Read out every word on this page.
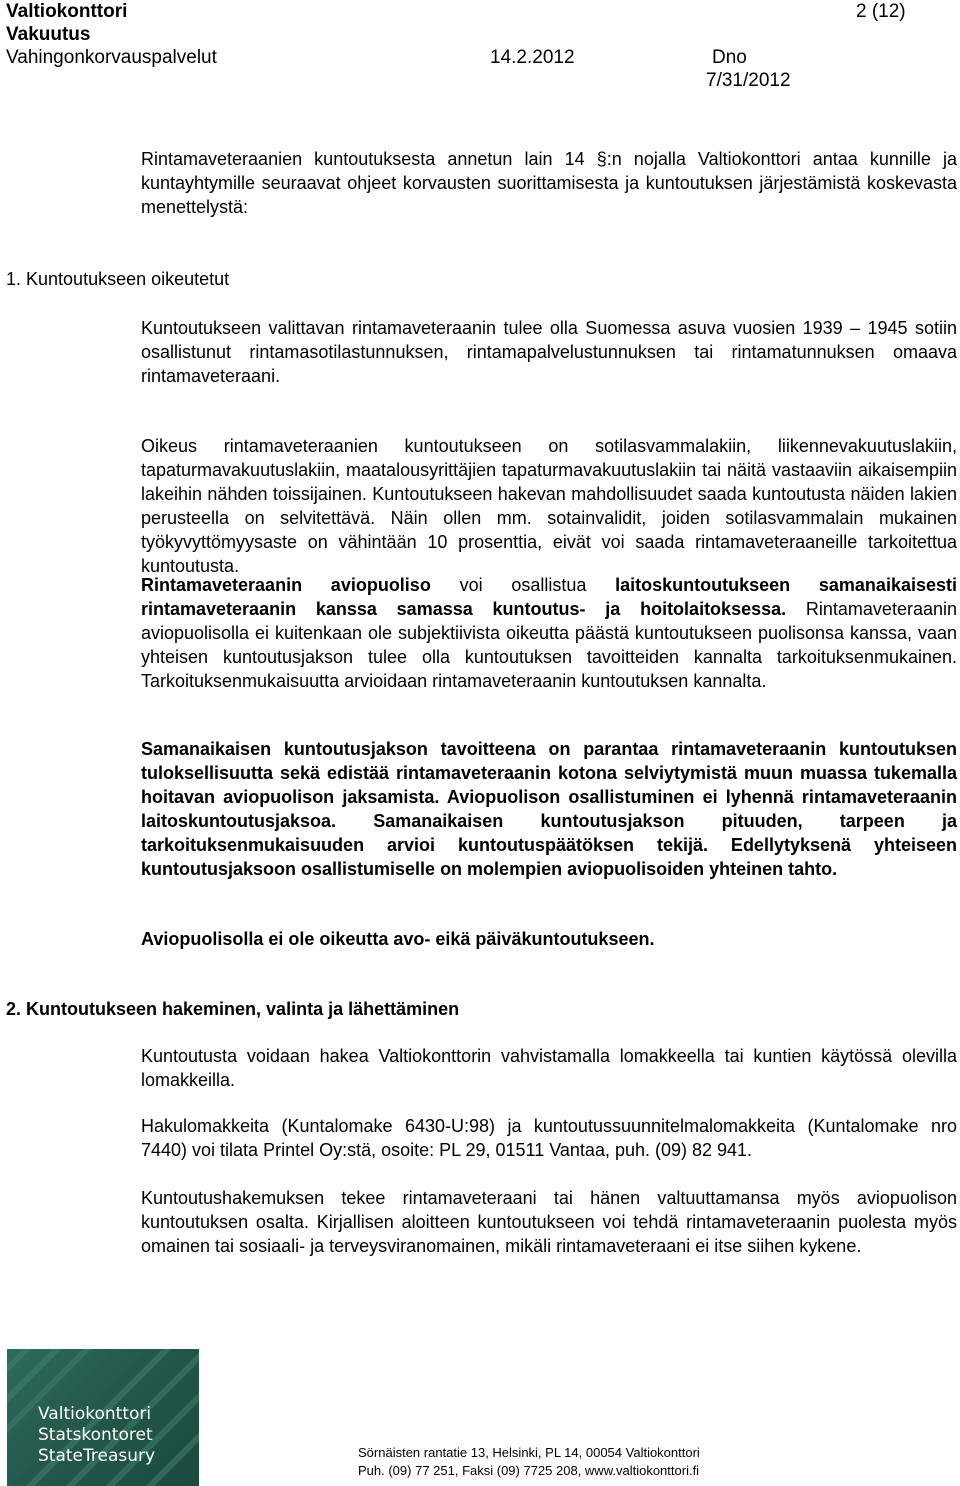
Valtiokonttori	2 (12)
Vakuutus
Vahingonkorvauspalvelut	14.2.2012	Dno
7/31/2012

Rintamaveteraanien kuntoutuksesta annetun lain 14 §:n nojalla Valtiokonttori antaa kunnille ja kuntayhtymille seuraavat ohjeet korvausten suorittamisesta ja kuntoutuksen järjestämistä koskevasta menettelystä:

1. Kuntoutukseen oikeutetut

Kuntoutukseen valittavan rintamaveteraanin tulee olla Suomessa asuva vuosien 1939 – 1945 sotiin osallistunut rintamasotilastunnuksen, rintamapalvelustunnuksen tai rintamatunnuksen omaava rintamaveteraani.

Oikeus rintamaveteraanien kuntoutukseen on sotilasvammalakiin, liikennevakuutuslakiin, tapaturmavakuutuslakiin, maatalousyrittäjien tapaturmavakuutuslakiin tai näitä vastaaviin aikaisempiin lakeihin nähden toissijainen. Kuntoutukseen hakevan mahdollisuudet saada kuntoutusta näiden lakien perusteella on selvitettävä. Näin ollen mm. sotainvalidit, joiden sotilasvammalain mukainen työkyvyttömyysaste on vähintään 10 prosenttia, eivät voi saada rintamaveteraaneille tarkoitettua kuntoutusta.

Rintamaveteraanin aviopuoliso voi osallistua laitoskuntoutukseen samanaikaisesti rintamaveteraanin kanssa samassa kuntoutus- ja hoitolaitoksessa. Rintamaveteraanin aviopuolisolla ei kuitenkaan ole subjektiivista oikeutta päästä kuntoutukseen puolisonsa kanssa, vaan yhteisen kuntoutusjakson tulee olla kuntoutuksen tavoitteiden kannalta tarkoituksenmukainen. Tarkoituksenmukaisuutta arvioidaan rintamaveteraanin kuntoutuksen kannalta.

Samanaikaisen kuntoutusjakson tavoitteena on parantaa rintamaveteraanin kuntoutuksen tuloksellisuutta sekä edistää rintamaveteraanin kotona selviytymistä muun muassa tukemalla hoitavan aviopuolison jaksamista. Aviopuolison osallistuminen ei lyhennä rintamaveteraanin laitoskuntoutusjaksoa. Samanaikaisen kuntoutusjakson pituuden, tarpeen ja tarkoituksenmukaisuuden arvioi kuntoutuspäätöksen tekijä. Edellytyksenä yhteiseen kuntoutusjaksoon osallistumiselle on molempien aviopuolisoiden yhteinen tahto.

Aviopuolisolla ei ole oikeutta avo- eikä päiväkuntoutukseen.

2. Kuntoutukseen hakeminen, valinta ja lähettäminen

Kuntoutusta voidaan hakea Valtiokonttorin vahvistamalla lomakkeella tai kuntien käytössä olevilla lomakkeilla.

Hakulomakkeita (Kuntalomake 6430-U:98) ja kuntoutussuunnitelmalomakkeita (Kuntalomake nro 7440) voi tilata Printel Oy:stä, osoite: PL 29, 01511 Vantaa, puh. (09) 82 941.

Kuntoutushakemuksen tekee rintamaveteraani tai hänen valtuuttamansa myös aviopuolison kuntoutuksen osalta. Kirjallisen aloitteen kuntoutukseen voi tehdä rintamaveteraanin puolesta myös omainen tai sosiaali- ja terveysviranomainen, mikäli rintamaveteraani ei itse siihen kykene.

Valtiokonttori
Statskontoret
StateTreasury	Sörnäisten rantatie 13, Helsinki, PL 14, 00054 Valtiokonttori
Puh. (09) 77 251, Faksi (09) 7725 208, www.valtiokonttori.fi
